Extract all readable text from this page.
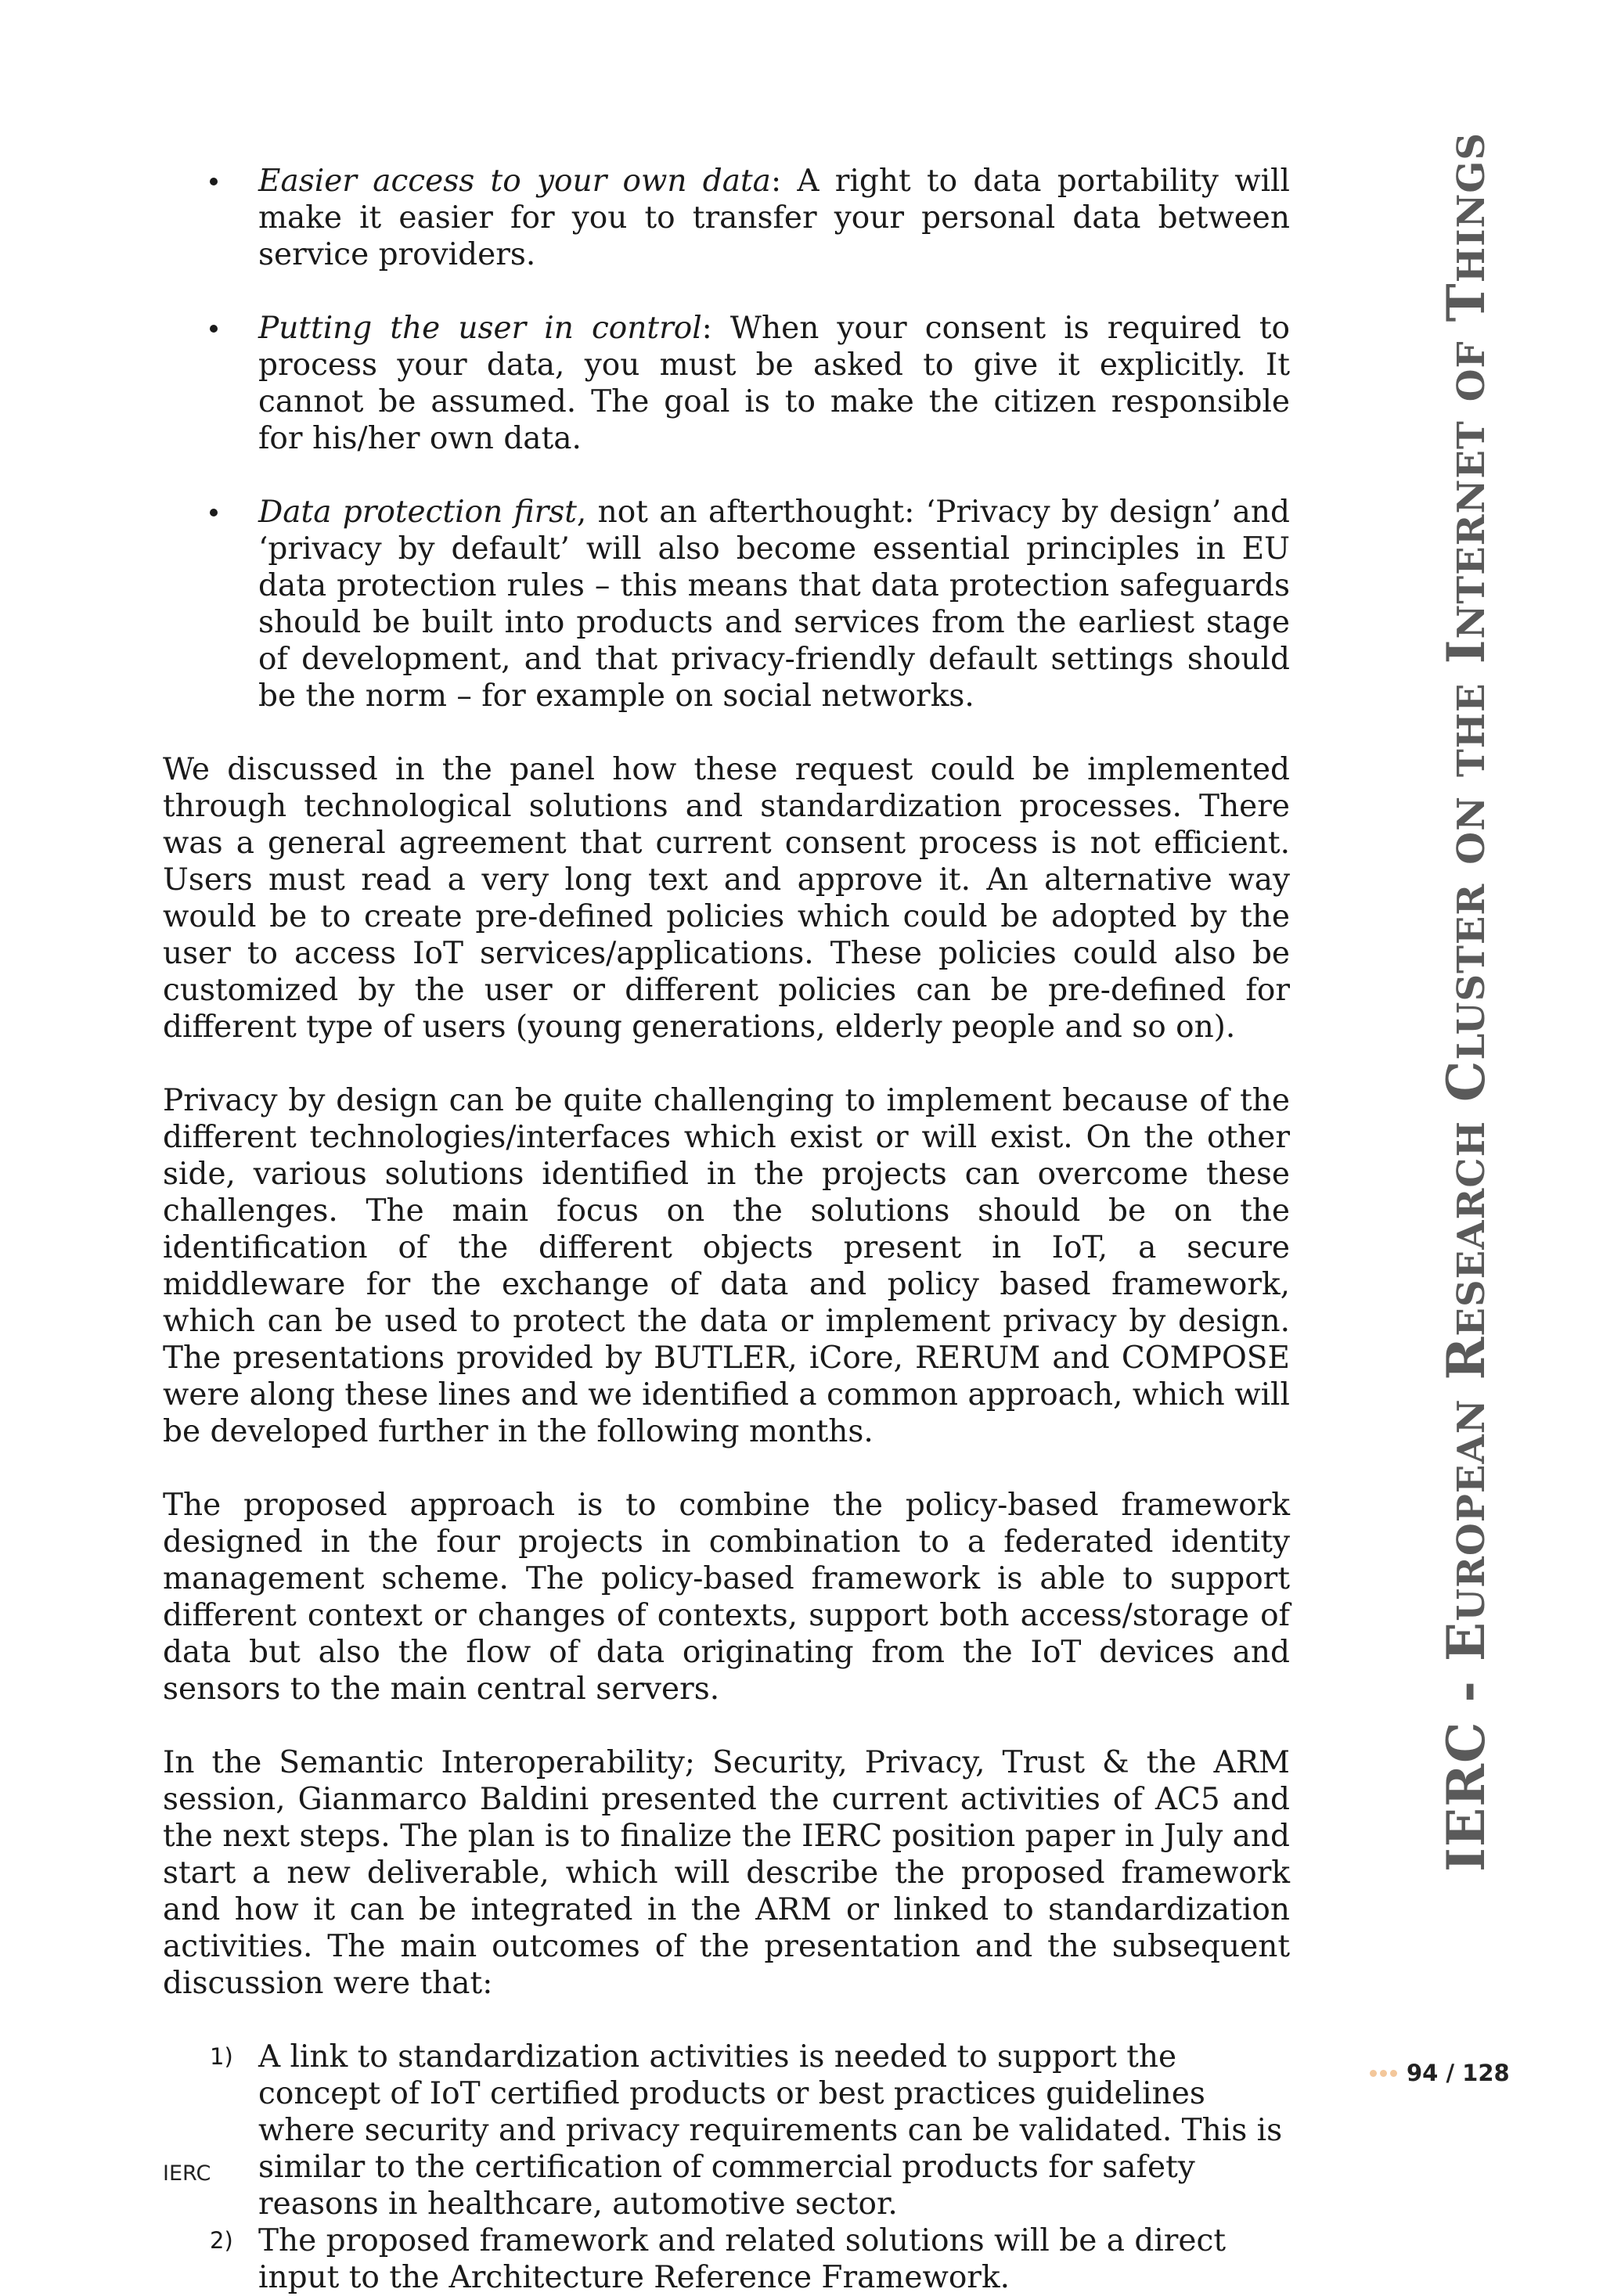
Easier access to your own data: A right to data portability will make it easier for you to transfer your personal data between service providers.
Putting the user in control: When your consent is required to process your data, you must be asked to give it explicitly. It cannot be assumed. The goal is to make the citizen responsible for his/her own data.
Data protection first, not an afterthought: ‘Privacy by design’ and ‘privacy by default’ will also become essential principles in EU data protection rules – this means that data protection safeguards should be built into products and services from the earliest stage of development, and that privacy-friendly default settings should be the norm – for example on social networks.

We discussed in the panel how these request could be implemented through technological solutions and standardization processes. There was a general agreement that current consent process is not efficient. Users must read a very long text and approve it. An alternative way would be to create pre-defined policies which could be adopted by the user to access IoT services/applications. These policies could also be customized by the user or different policies can be pre-defined for different type of users (young generations, elderly people and so on).

Privacy by design can be quite challenging to implement because of the different technologies/interfaces which exist or will exist. On the other side, various solutions identified in the projects can overcome these challenges. The main focus on the solutions should be on the identification of the different objects present in IoT, a secure middleware for the exchange of data and policy based framework, which can be used to protect the data or implement privacy by design. The presentations provided by BUTLER, iCore, RERUM and COMPOSE were along these lines and we identified a common approach, which will be developed further in the following months.

The proposed approach is to combine the policy-based framework designed in the four projects in combination to a federated identity management scheme. The policy-based framework is able to support different context or changes of contexts, support both access/storage of data but also the flow of data originating from the IoT devices and sensors to the main central servers.

In the Semantic Interoperability; Security, Privacy, Trust & the ARM session, Gianmarco Baldini presented the current activities of AC5 and the next steps. The plan is to finalize the IERC position paper in July and start a new deliverable, which will describe the proposed framework and how it can be integrated in the ARM or linked to standardization activities. The main outcomes of the presentation and the subsequent discussion were that:

1) A link to standardization activities is needed to support the concept of IoT certified products or best practices guidelines where security and privacy requirements can be validated. This is similar to the certification of commercial products for safety reasons in healthcare, automotive sector.
2) The proposed framework and related solutions will be a direct input to the Architecture Reference Framework.
IERC - EUROPEAN RESEARCH CLUSTER ON THE INTERNET OF THINGS
94 / 128
IERC
